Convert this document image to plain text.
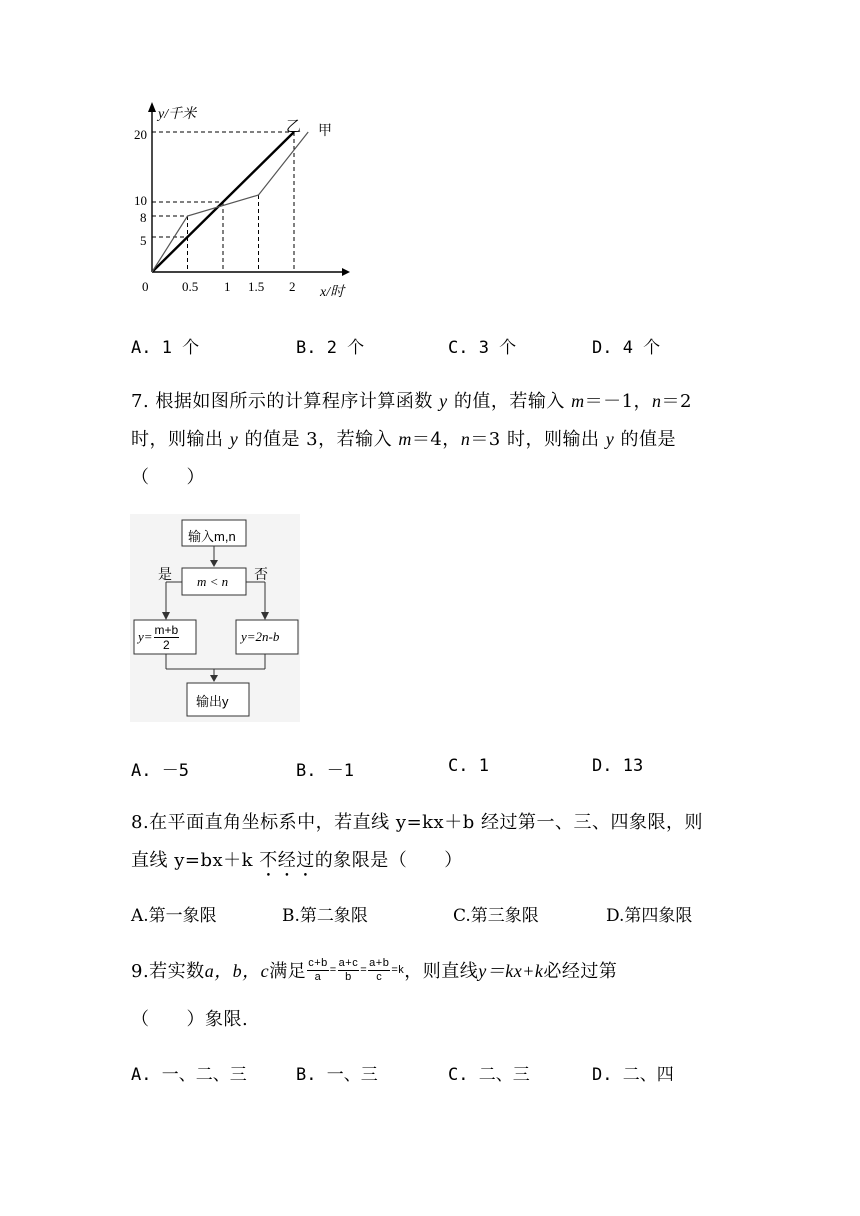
y/千米
x/时
0
20
10
8
5
0.5 1 1.5 2
乙 甲
A. 1 个	B. 2 个	C. 3 个	D. 4 个
7. 根据如图所示的计算程序计算函数 y 的值，若输入 m＝－1，n＝2
时，则输出 y 的值是 3，若输入 m＝4，n＝3 时，则输出 y 的值是
（　　）
输入m,n
m < n
是	否
$y= \frac{m+b}{2}$	y=2n-b
输出y
A. －5	B. －1	C. 1	D. 13
8.在平面直角坐标系中，若直线 y=kx＋b 经过第一、三、四象限，则
直线 y=bx＋k 不经过的象限是（　　）
A.第一象限	B.第二象限	C.第三象限	D.第四象限
9.若实数 a，b，c 满足 $\frac{c+b}{a} = \frac{a+c}{b} = \frac{a+b}{c} =k$ ，则直线 y＝kx+k 必经过第
（　　）象限.
A. 一、二、三	B. 一、三	C. 二、三	D. 二、四
